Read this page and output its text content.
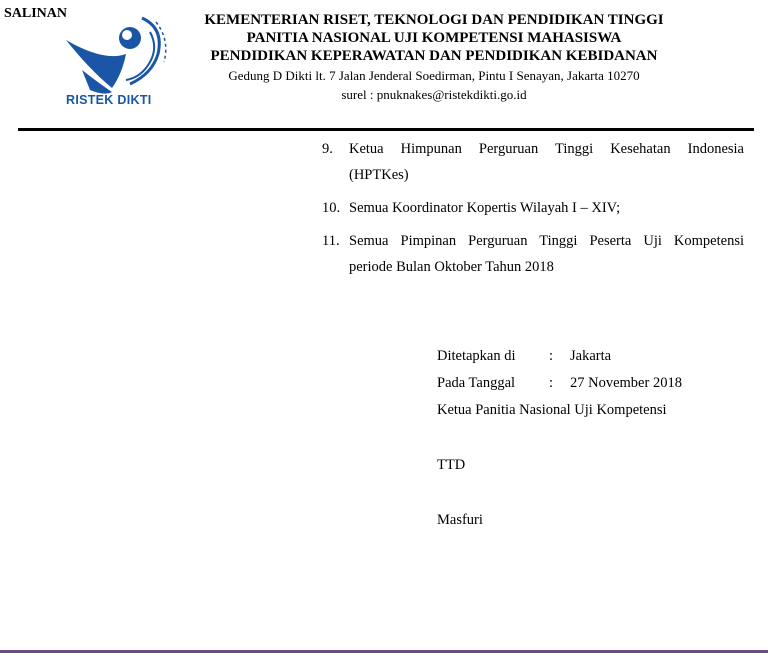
SALINAN
RISTEK DIKTI
KEMENTERIAN RISET, TEKNOLOGI DAN PENDIDIKAN TINGGI
PANITIA NASIONAL UJI KOMPETENSI MAHASISWA
PENDIDIKAN KEPERAWATAN DAN PENDIDIKAN KEBIDANAN
Gedung D Dikti lt. 7 Jalan Jenderal Soedirman, Pintu I Senayan, Jakarta 10270
surel : pnuknakes@ristekdikti.go.id
9.	Ketua Himpunan Perguruan Tinggi Kesehatan Indonesia
(HPTKes)
10. Semua Koordinator Kopertis Wilayah I – XIV;
11. Semua Pimpinan Perguruan Tinggi Peserta Uji Kompetensi
periode Bulan Oktober Tahun 2018
Ditetapkan di	:	Jakarta
Pada Tanggal	:	27 November 2018
Ketua Panitia Nasional Uji Kompetensi
TTD
Masfuri
